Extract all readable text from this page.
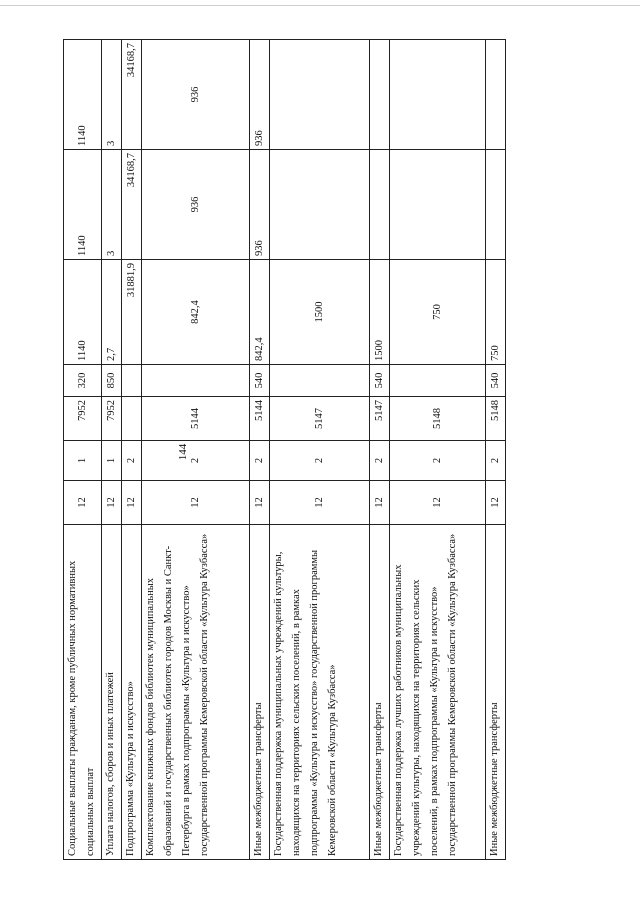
144
Социальные выплаты гражданам, кроме публичных нормативных социальных выплат	12	1	7952	320	1140	1140	1140
Уплата налогов, сборов и иных платежей	12	1	7952	850	2,7	3	3
Подпрограмма «Культура и искусство»	12	2			31881,9	34168,7	34168,7
Комплектование книжных фондов библиотек муниципальных образований и государственных библиотек городов Москвы и Санкт-Петербурга в рамках подпрограммы «Культура и искусство» государственной программы Кемеровской области «Культура Кузбасса»	12	2	5144		842,4	936	936
Иные межбюджетные трансферты	12	2	5144	540	842,4	936	936
Государственная поддержка муниципальных учреждений культуры, находящихся на территориях сельских поселений, в рамках подпрограммы «Культура и искусство» государственной программы Кемеровской области «Культура Кузбасса»	12	2	5147		1500		
Иные межбюджетные трансферты	12	2	5147	540	1500		
Государственная поддержка лучших работников муниципальных учреждений культуры, находящихся на территориях сельских поселений, в рамках подпрограммы «Культура и искусство» государственной программы Кемеровской области «Культура Кузбасса»	12	2	5148		750		
Иные межбюджетные трансферты	12	2	5148	540	750		
